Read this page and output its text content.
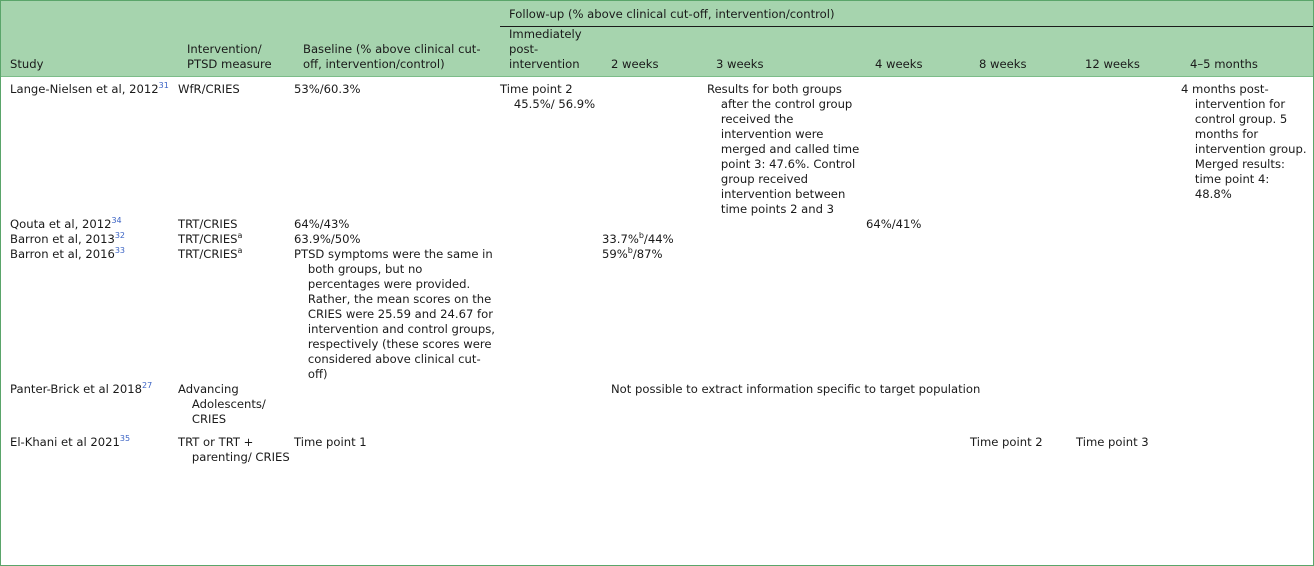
			Follow-up (% above clinical cut-off, intervention/control)						
Study	Intervention/ PTSD measure	Baseline (% above clinical cut-off, intervention/control)	Immediately post-intervention	2 weeks	3 weeks	4 weeks	8 weeks	12 weeks	4–5 months
Lange-Nielsen et al, 2012$^{31}$	WfR/CRIES	53%/60.3%	Time point 2 45.5%/ 56.9%		Results for both groups after the control group received the intervention were merged and called time point 3: 47.6%. Control group received intervention between time points 2 and 3				4 months post-intervention for control group. 5 months for intervention group. Merged results: time point 4: 48.8%
Qouta et al, 2012$^{34}$	TRT/CRIES	64%/43%				64%/41%			
Barron et al, 2013$^{32}$	TRT/CRIES$^a$	63.9%/50%		33.7%$^b$/44%					
Barron et al, 2016$^{33}$	TRT/CRIES$^a$	PTSD symptoms were the same in both groups, but no percentages were provided. Rather, the mean scores on the CRIES were 25.59 and 24.67 for intervention and control groups, respectively (these scores were considered above clinical cut-off)		59%$^b$/87%					
Panter-Brick et al 2018$^{27}$	Advancing Adolescents/ CRIES			Not possible to extract information specific to target population					
El-Khani et al 2021$^{35}$	TRT or TRT + parenting/ CRIES	Time point 1					Time point 2	Time point 3	
